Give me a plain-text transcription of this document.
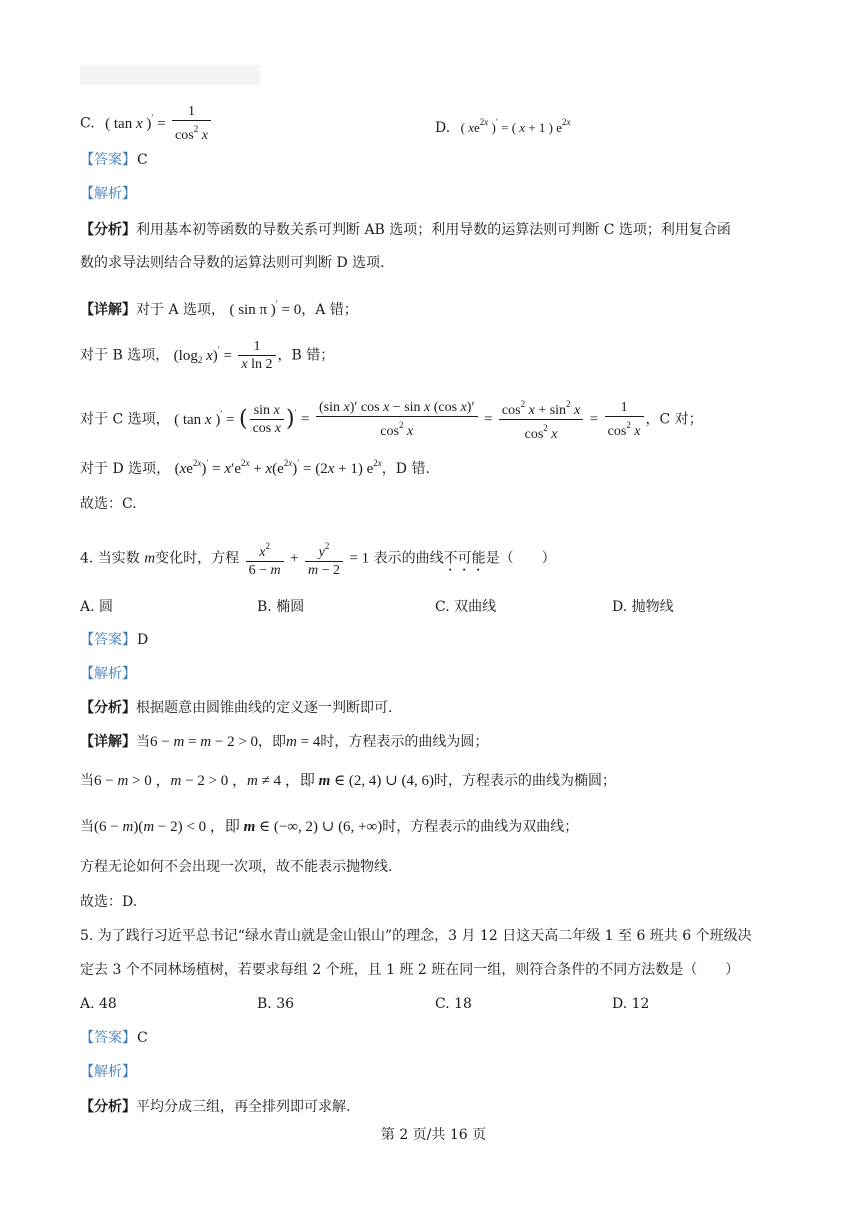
C. ( tan x )$' = \frac{1}{\cos^2 x}$	D. ( $xe^{2x}$ )′ = ( x + 1 ) $e^{2x}$
【答案】 C
【解析】
【分析】利用基本初等函数的导数关系可判断 AB 选项；利用导数的运算法则可判断 C 选项；利用复合函
数的求导法则结合导数的运算法则可判断 D 选项.
【详解】对于 A 选项， ( sin π )′ = 0，A 错；
对于 B 选项， ($\log_2$ $x)' = \frac{1}{\text{x ln 2}}$ ，B 错；
对于 C 选项， ( tan x )′ = ( $\frac{\text{sin x}}{\text{cos x}} )' = \frac{\text{(sin x)′ cos x − sin x (cos x)′}}{\cos^2 x} = \frac{\cos^2 x + \sin^2 x}{\cos^2 x} = \frac{1}{\cos^2 x}$ ，C 对；
对于 D 选项， $(xe^{2x})' = x'e^{2x} + x(e^{2x})' = (2x + 1)$ $e^{2x}$，D 错.
故选：C.
4. 当实数 m变化时，方程 $\frac{x^2}{6 - m} + \frac{y^2}{m - 2} = 1$ 表示的曲线不可能是（　　）
A. 圆	B. 椭圆	C. 双曲线	D. 抛物线
【答案】 D
【解析】
【分析】根据题意由圆锥曲线的定义逐一判断即可.
【详解】当6 − m = m − 2 > 0，即m = 4时，方程表示的曲线为圆；
当6 − m > 0 ，m − 2 > 0 ，m ≠ 4 ，即 m ∈ (2, 4) ∪ (4, 6)时，方程表示的曲线为椭圆；
当(6 − m)(m − 2) < 0 ，即 m ∈ (−∞, 2) ∪ (6, +∞)时，方程表示的曲线为双曲线；
方程无论如何不会出现一次项，故不能表示抛物线.
故选：D.
5. 为了践行习近平总书记“绿水青山就是金山银山”的理念，3 月 12 日这天高二年级 1 至 6 班共 6 个班级决
定去 3 个不同林场植树，若要求每组 2 个班，且 1 班 2 班在同一组，则符合条件的不同方法数是（　　）
A. 48	B. 36	C. 18	D. 12
【答案】 C
【解析】
【分析】平均分成三组，再全排列即可求解.
第 2 页/共 16 页
